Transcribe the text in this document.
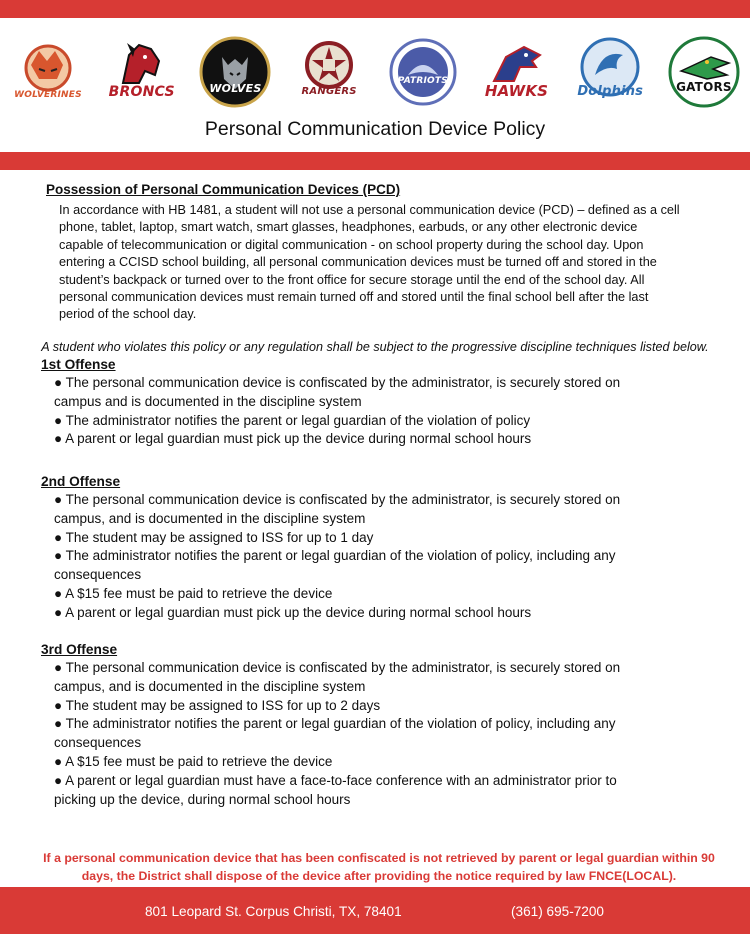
WOLVERINES	BRONCS	WOLVES	RANGERS
PATRIOTS
HAWKS	Dolphins	GATORS
Personal Communication Device Policy
Possession of Personal Communication Devices (PCD)
In accordance with HB 1481, a student will not use a personal communication device (PCD) – defined as a cell
phone, tablet, laptop, smart watch, smart glasses, headphones, earbuds, or any other electronic device
capable of telecommunication or digital communication - on school property during the school day. Upon
entering a CCISD school building, all personal communication devices must be turned off and stored in the
student’s backpack or turned over to the front office for secure storage until the end of the school day. All
personal communication devices must remain turned off and stored until the final school bell after the last
period of the school day.
A student who violates this policy or any regulation shall be subject to the progressive discipline techniques listed below.
1st Offense
● The personal communication device is confiscated by the administrator, is securely stored on
campus and is documented in the discipline system
● The administrator notifies the parent or legal guardian of the violation of policy
● A parent or legal guardian must pick up the device during normal school hours
2nd Offense
● The personal communication device is confiscated by the administrator, is securely stored on
campus, and is documented in the discipline system
● The student may be assigned to ISS for up to 1 day
● The administrator notifies the parent or legal guardian of the violation of policy, including any
consequences
● A $15 fee must be paid to retrieve the device
● A parent or legal guardian must pick up the device during normal school hours
3rd Offense
● The personal communication device is confiscated by the administrator, is securely stored on
campus, and is documented in the discipline system
● The student may be assigned to ISS for up to 2 days
● The administrator notifies the parent or legal guardian of the violation of policy, including any
consequences
● A $15 fee must be paid to retrieve the device
● A parent or legal guardian must have a face-to-face conference with an administrator prior to
picking up the device, during normal school hours
If a personal communication device that has been confiscated is not retrieved by parent or legal guardian within 90
days, the District shall dispose of the device after providing the notice required by law FNCE(LOCAL).
801 Leopard St. Corpus Christi, TX, 78401	(361) 695-7200
